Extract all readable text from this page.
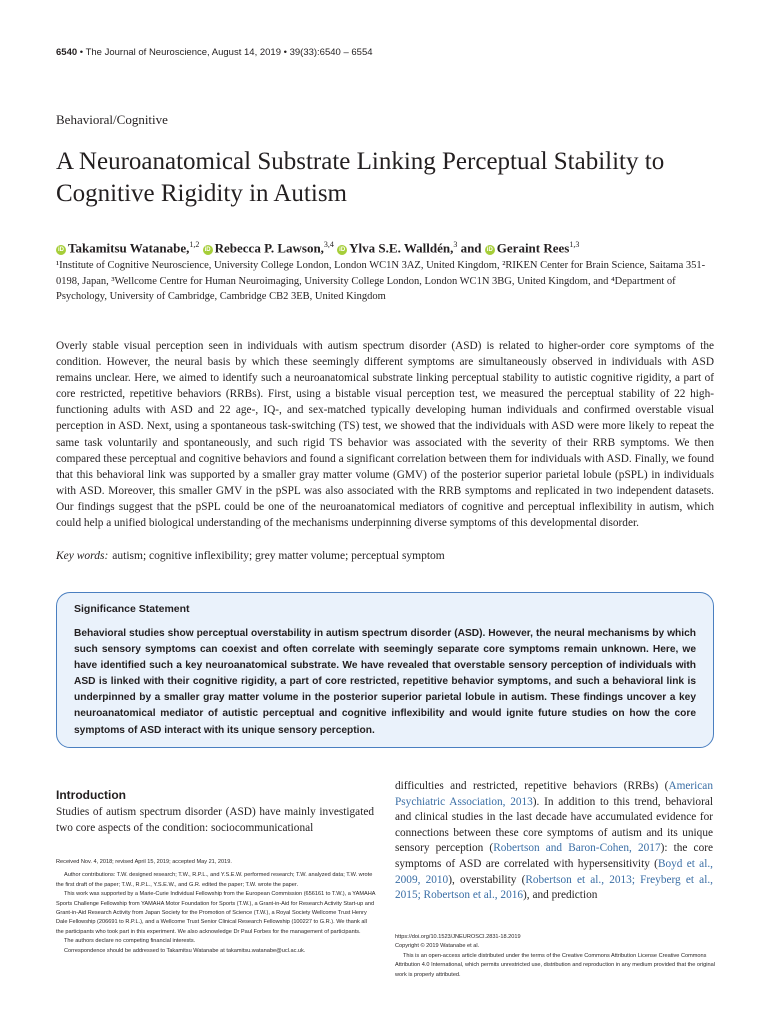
6540 • The Journal of Neuroscience, August 14, 2019 • 39(33):6540 – 6554
Behavioral/Cognitive
A Neuroanatomical Substrate Linking Perceptual Stability to Cognitive Rigidity in Autism
iD Takamitsu Watanabe,$^{1,2}$ iD Rebecca P. Lawson,$^{3,4}$ iD Ylva S.E. Walldén,$^3$ and iD Geraint Rees$^{1,3}$
¹Institute of Cognitive Neuroscience, University College London, London WC1N 3AZ, United Kingdom, ²RIKEN Center for Brain Science, Saitama 351-0198, Japan, ³Wellcome Centre for Human Neuroimaging, University College London, London WC1N 3BG, United Kingdom, and ⁴Department of Psychology, University of Cambridge, Cambridge CB2 3EB, United Kingdom
Overly stable visual perception seen in individuals with autism spectrum disorder (ASD) is related to higher-order core symptoms of the condition. However, the neural basis by which these seemingly different symptoms are simultaneously observed in individuals with ASD remains unclear. Here, we aimed to identify such a neuroanatomical substrate linking perceptual stability to autistic cognitive rigidity, a part of core restricted, repetitive behaviors (RRBs). First, using a bistable visual perception test, we measured the perceptual stability of 22 high-functioning adults with ASD and 22 age-, IQ-, and sex-matched typically developing human individuals and confirmed overstable visual perception in ASD. Next, using a spontaneous task-switching (TS) test, we showed that the individuals with ASD were more likely to repeat the same task voluntarily and spontaneously, and such rigid TS behavior was associated with the severity of their RRB symptoms. We then compared these perceptual and cognitive behaviors and found a significant correlation between them for individuals with ASD. Finally, we found that this behavioral link was supported by a smaller gray matter volume (GMV) of the posterior superior parietal lobule (pSPL) in individuals with ASD. Moreover, this smaller GMV in the pSPL was also associated with the RRB symptoms and replicated in two independent datasets. Our findings suggest that the pSPL could be one of the neuroanatomical mediators of cognitive and perceptual inflexibility in autism, which could help a unified biological understanding of the mechanisms underpinning diverse symptoms of this developmental disorder.
Key words: autism; cognitive inflexibility; grey matter volume; perceptual symptom
Significance Statement
Behavioral studies show perceptual overstability in autism spectrum disorder (ASD). However, the neural mechanisms by which such sensory symptoms can coexist and often correlate with seemingly separate core symptoms remain unknown. Here, we have identified such a key neuroanatomical substrate. We have revealed that overstable sensory perception of individuals with ASD is linked with their cognitive rigidity, a part of core restricted, repetitive behavior symptoms, and such a behavioral link is underpinned by a smaller gray matter volume in the posterior superior parietal lobule in autism. These findings uncover a key neuroanatomical mediator of autistic perceptual and cognitive inflexibility and would ignite future studies on how the core symptoms of ASD interact with its unique sensory perception.
Introduction
Studies of autism spectrum disorder (ASD) have mainly investigated two core aspects of the condition: sociocommunicational

Received Nov. 4, 2018; revised April 15, 2019; accepted May 21, 2019.

Author contributions: T.W. designed research; T.W., R.P.L., and Y.S.E.W. performed research; T.W. analyzed data; T.W. wrote the first draft of the paper; T.W., R.P.L., Y.S.E.W., and G.R. edited the paper; T.W. wrote the paper.

This work was supported by a Marie-Curie Individual Fellowship from the European Commission (656161 to T.W.), a YAMAHA Sports Challenge Fellowship from YAMAHA Motor Foundation for Sports (T.W.), a Grant-in-Aid for Research Activity Start-up and Grant-in-Aid Research Activity from Japan Society for the Promotion of Science (T.W.), a Royal Society Wellcome Trust Henry Dale Fellowship (206691 to R.P.L.), and a Wellcome Trust Senior Clinical Research Fellowship (100227 to G.R.). We thank all the participants who took part in this experiment. We also acknowledge Dr Paul Forbes for the management of participants.

The authors declare no competing financial interests.

Correspondence should be addressed to Takamitsu Watanabe at takamitsu.watanabe@ucl.ac.uk.

difficulties and restricted, repetitive behaviors (RRBs) (American Psychiatric Association, 2013). In addition to this trend, behavioral and clinical studies in the last decade have accumulated evidence for connections between these core symptoms of autism and its unique sensory perception (Robertson and Baron-Cohen, 2017): the core symptoms of ASD are correlated with hypersensitivity (Boyd et al., 2009, 2010), overstability (Robertson et al., 2013; Freyberg et al., 2015; Robertson et al., 2016), and prediction

https://doi.org/10.1523/JNEUROSCI.2831-18.2019

Copyright © 2019 Watanabe et al.

This is an open-access article distributed under the terms of the Creative Commons Attribution License Creative Commons Attribution 4.0 International, which permits unrestricted use, distribution and reproduction in any medium provided that the original work is properly attributed.
